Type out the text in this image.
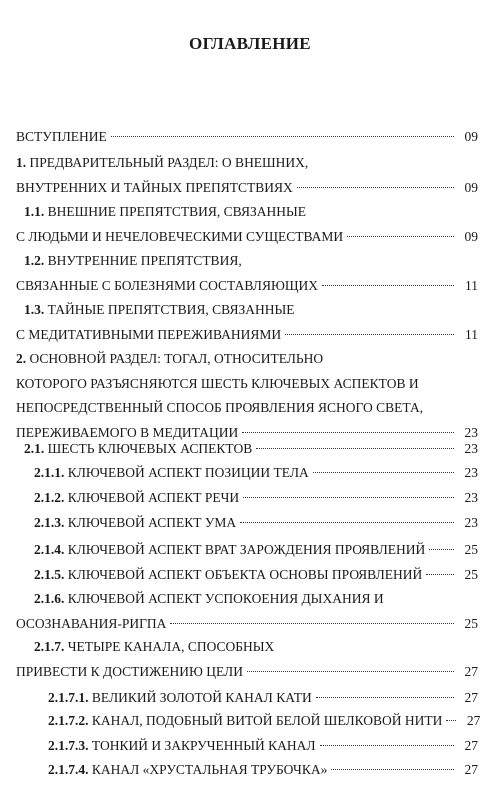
ОГЛАВЛЕНИЕ
ВСТУПЛЕНИЕ	09
1. ПРЕДВАРИТЕЛЬНЫЙ РАЗДЕЛ: О ВНЕШНИХ,
ВНУТРЕННИХ И ТАЙНЫХ ПРЕПЯТСТВИЯХ	09
1.1. ВНЕШНИЕ ПРЕПЯТСТВИЯ, СВЯЗАННЫЕ
С ЛЮДЬМИ И НЕЧЕЛОВЕЧЕСКИМИ СУЩЕСТВАМИ	09
1.2. ВНУТРЕННИЕ ПРЕПЯТСТВИЯ,
СВЯЗАННЫЕ С БОЛЕЗНЯМИ СОСТАВЛЯЮЩИХ	11
1.3. ТАЙНЫЕ ПРЕПЯТСТВИЯ, СВЯЗАННЫЕ
С МЕДИТАТИВНЫМИ ПЕРЕЖИВАНИЯМИ	11
2. ОСНОВНОЙ РАЗДЕЛ: ТОГАЛ, ОТНОСИТЕЛЬНО
КОТОРОГО РАЗЪЯСНЯЮТСЯ ШЕСТЬ КЛЮЧЕВЫХ АСПЕКТОВ И
НЕПОСРЕДСТВЕННЫЙ СПОСОБ ПРОЯВЛЕНИЯ ЯСНОГО СВЕТА,
ПЕРЕЖИВАЕМОГО В МЕДИТАЦИИ	23
2.1. ШЕСТЬ КЛЮЧЕВЫХ АСПЕКТОВ	23
2.1.1. КЛЮЧЕВОЙ АСПЕКТ ПОЗИЦИИ ТЕЛА	23
2.1.2. КЛЮЧЕВОЙ АСПЕКТ РЕЧИ	23
2.1.3. КЛЮЧЕВОЙ АСПЕКТ УМА	23
2.1.4. КЛЮЧЕВОЙ АСПЕКТ ВРАТ ЗАРОЖДЕНИЯ ПРОЯВЛЕНИЙ	25
2.1.5. КЛЮЧЕВОЙ АСПЕКТ ОБЪЕКТА ОСНОВЫ ПРОЯВЛЕНИЙ	25
2.1.6. КЛЮЧЕВОЙ АСПЕКТ УСПОКОЕНИЯ ДЫХАНИЯ И
ОСОЗНАВАНИЯ-РИГПА	25
2.1.7. ЧЕТЫРЕ КАНАЛА, СПОСОБНЫХ
ПРИВЕСТИ К ДОСТИЖЕНИЮ ЦЕЛИ	27
2.1.7.1. ВЕЛИКИЙ ЗОЛОТОЙ КАНАЛ КАТИ	27
2.1.7.2. КАНАЛ, ПОДОБНЫЙ ВИТОЙ БЕЛОЙ ШЕЛКОВОЙ НИТИ	27
2.1.7.3. ТОНКИЙ И ЗАКРУЧЕННЫЙ КАНАЛ	27
2.1.7.4. КАНАЛ «ХРУСТАЛЬНАЯ ТРУБОЧКА»	27
